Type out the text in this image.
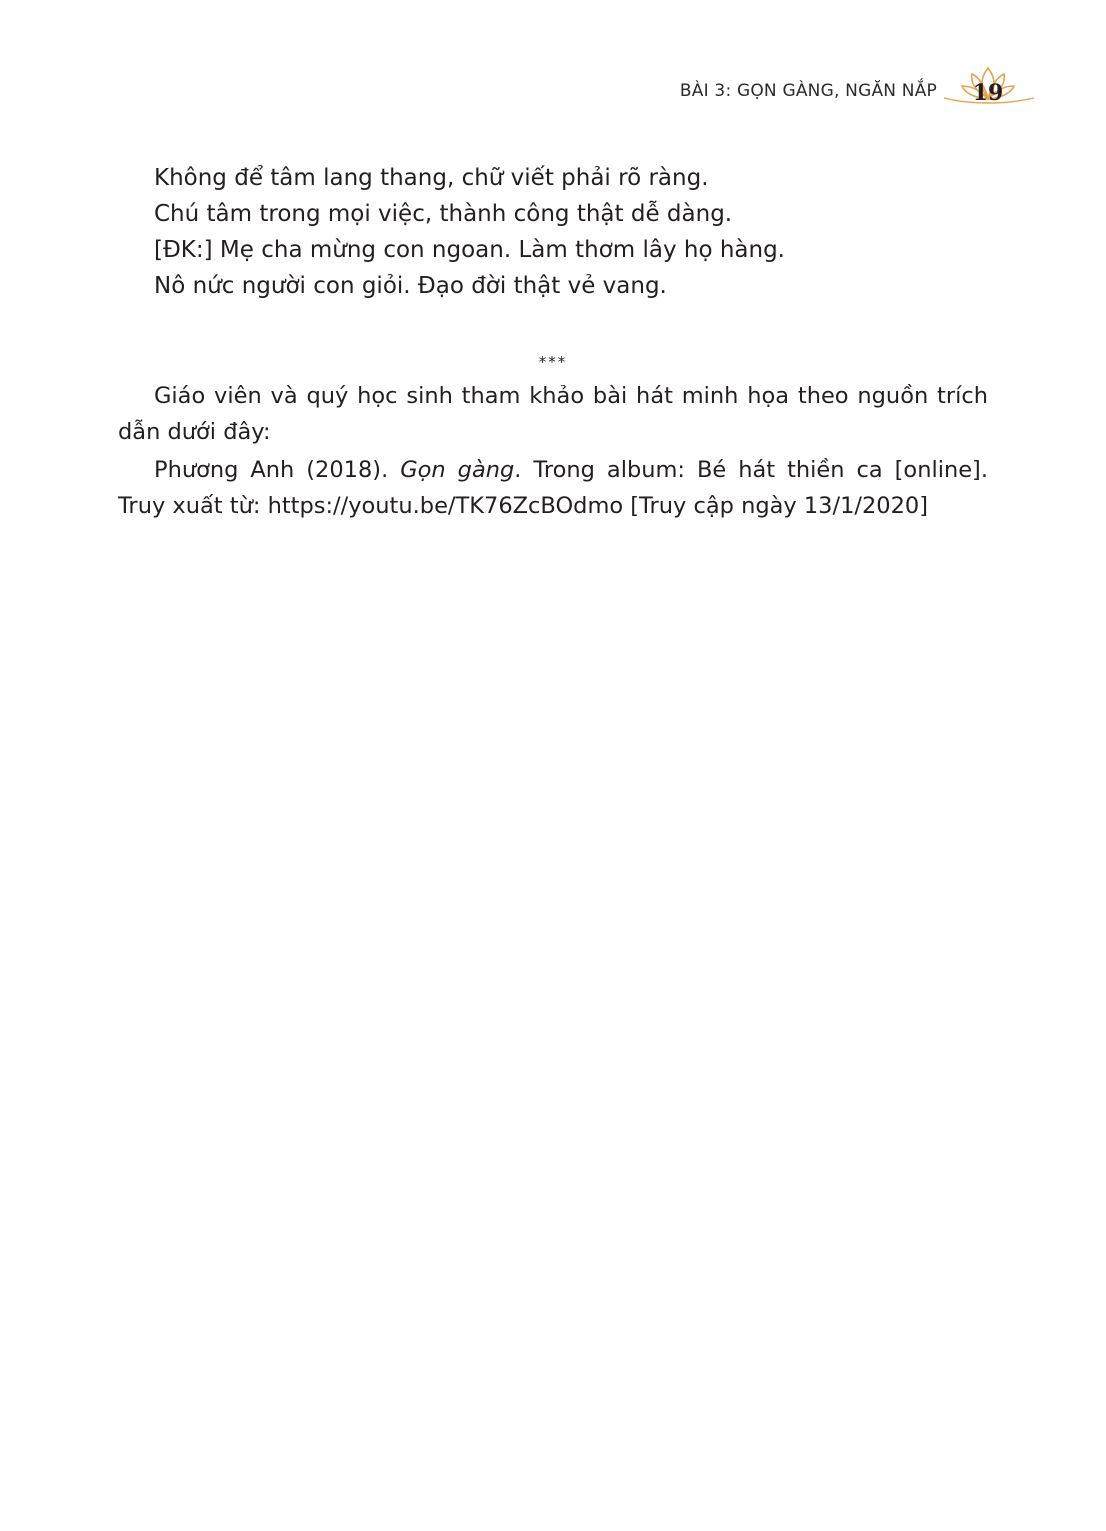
BÀI 3: GỌN GÀNG, NGĂN NẮP 19

Không để tâm lang thang, chữ viết phải rõ ràng.

Chú tâm trong mọi việc, thành công thật dễ dàng.

[ĐK:] Mẹ cha mừng con ngoan. Làm thơm lây họ hàng.

Nô nức người con giỏi. Đạo đời thật vẻ vang.

***

Giáo viên và quý học sinh tham khảo bài hát minh họa theo nguồn trích dẫn dưới đây:

Phương Anh (2018). Gọn gàng. Trong album: Bé hát thiền ca [online]. Truy xuất từ: https://youtu.be/TK76ZcBOdmo [Truy cập ngày 13/1/2020]
